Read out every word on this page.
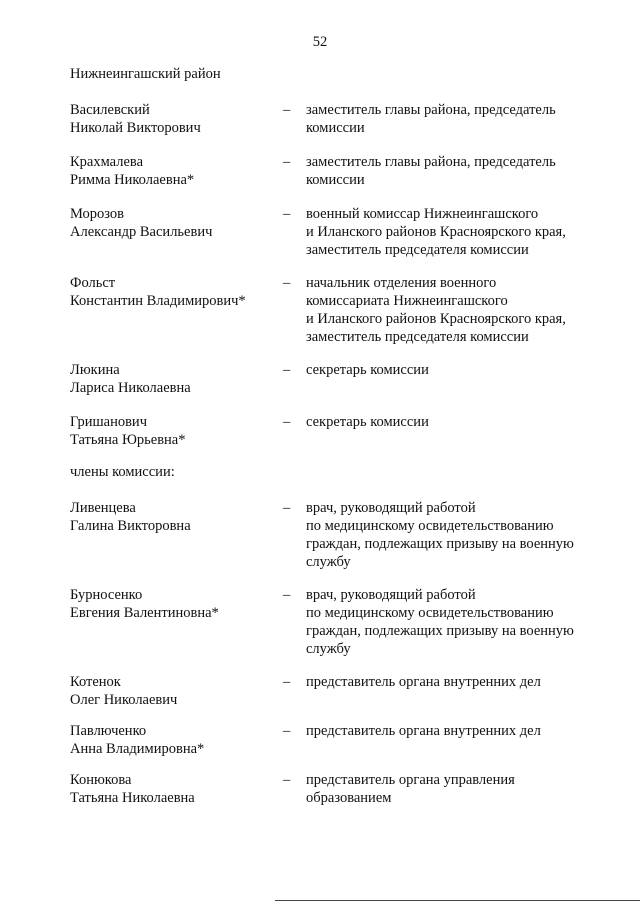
52
Нижнеингашский район
Василевский
Николай Викторович
– заместитель главы района, председатель
комиссии
Крахмалева
Римма Николаевна*
– заместитель главы района, председатель
комиссии
Морозов
Александр Васильевич
– военный комиссар Нижнеингашского
и Иланского районов Красноярского края,
заместитель председателя комиссии
Фольст
Константин Владимирович*
– начальник отделения военного
комиссариата Нижнеингашского
и Иланского районов Красноярского края,
заместитель председателя комиссии
Люкина
Лариса Николаевна
– секретарь комиссии
Гришанович
Татьяна Юрьевна*
– секретарь комиссии
члены комиссии:
Ливенцева
Галина Викторовна
– врач, руководящий работой
по медицинскому освидетельствованию
граждан, подлежащих призыву на военную
службу
Бурносенко
Евгения Валентиновна*
– врач, руководящий работой
по медицинскому освидетельствованию
граждан, подлежащих призыву на военную
службу
Котенок
Олег Николаевич
– представитель органа внутренних дел
Павлюченко
Анна Владимировна*
– представитель органа внутренних дел
Конюкова
Татьяна Николаевна
– представитель органа управления
образованием
